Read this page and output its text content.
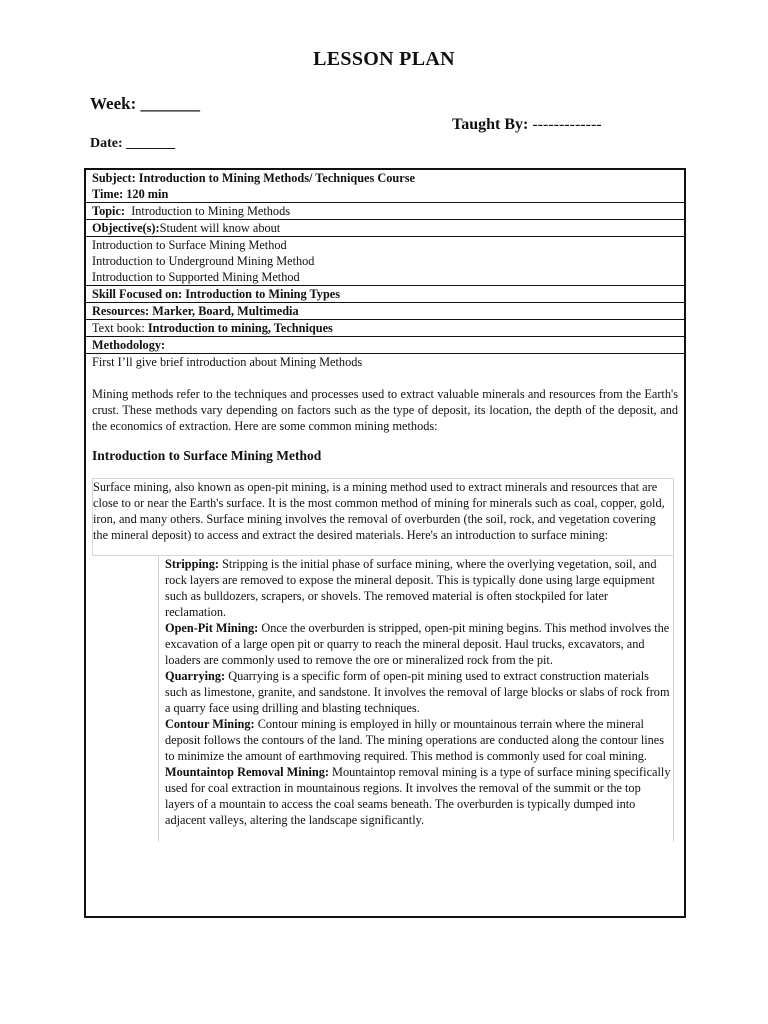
LESSON PLAN
Week: _______
Taught By: -------------
Date: _______
Subject: Introduction to Mining Methods/ Techniques Course
Time: 120 min
Topic: Introduction to Mining Methods
Objective(s):Student will know about
Introduction to Surface Mining Method
Introduction to Underground Mining Method
Introduction to Supported Mining Method
Skill Focused on: Introduction to Mining Types
Resources: Marker, Board, Multimedia
Text book: Introduction to mining, Techniques
Methodology:

First I’ll give brief introduction about Mining Methods

Mining methods refer to the techniques and processes used to extract valuable minerals and resources from the Earth's crust. These methods vary depending on factors such as the type of deposit, its location, the depth of the deposit, and the economics of extraction. Here are some common mining methods:

Introduction to Surface Mining Method

Surface mining, also known as open-pit mining, is a mining method used to extract minerals and resources that are close to or near the Earth's surface. It is the most common method of mining for minerals such as coal, copper, gold, iron, and many others. Surface mining involves the removal of overburden (the soil, rock, and vegetation covering the mineral deposit) to access and extract the desired materials. Here's an introduction to surface mining:

Stripping: Stripping is the initial phase of surface mining, where the overlying vegetation, soil, and rock layers are removed to expose the mineral deposit. This is typically done using large equipment such as bulldozers, scrapers, or shovels. The removed material is often stockpiled for later reclamation.

Open-Pit Mining: Once the overburden is stripped, open-pit mining begins. This method involves the excavation of a large open pit or quarry to reach the mineral deposit. Haul trucks, excavators, and loaders are commonly used to remove the ore or mineralized rock from the pit.

Quarrying: Quarrying is a specific form of open-pit mining used to extract construction materials such as limestone, granite, and sandstone. It involves the removal of large blocks or slabs of rock from a quarry face using drilling and blasting techniques.

Contour Mining: Contour mining is employed in hilly or mountainous terrain where the mineral deposit follows the contours of the land. The mining operations are conducted along the contour lines to minimize the amount of earthmoving required. This method is commonly used for coal mining.

Mountaintop Removal Mining: Mountaintop removal mining is a type of surface mining specifically used for coal extraction in mountainous regions. It involves the removal of the summit or the top layers of a mountain to access the coal seams beneath. The overburden is typically dumped into adjacent valleys, altering the landscape significantly.
